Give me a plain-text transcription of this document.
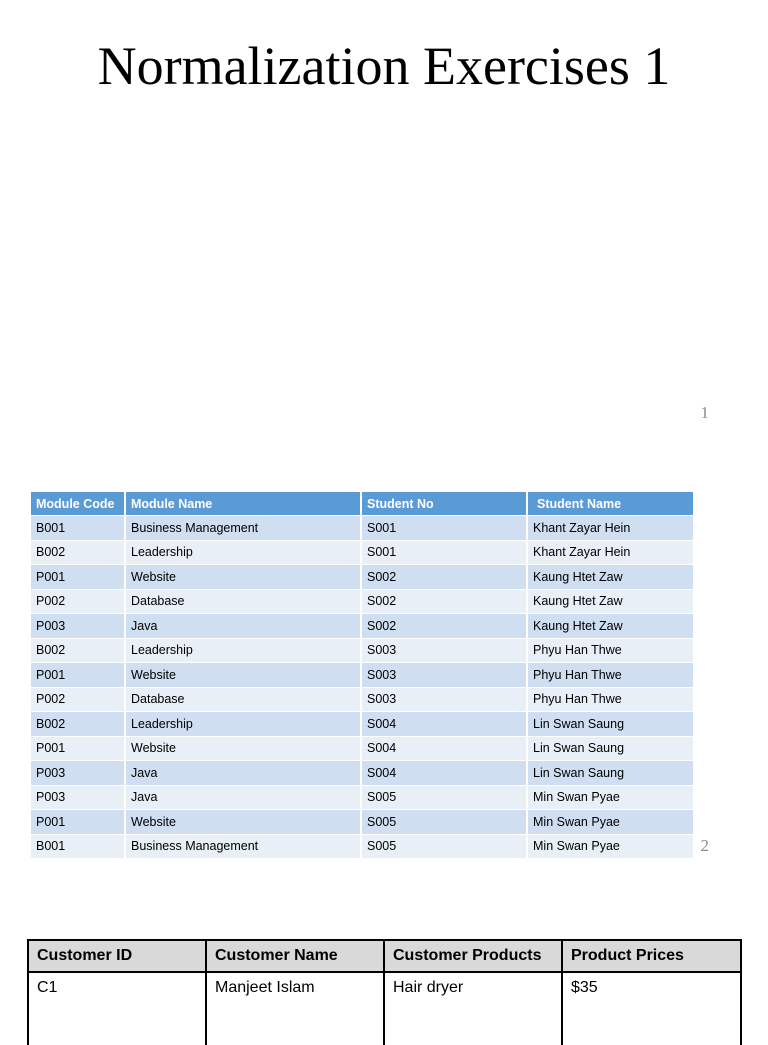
Normalization Exercises 1
1
Module Code	Module Name	Student No	Student Name
B001	Business Management	S001	Khant Zayar Hein
B002	Leadership	S001	Khant Zayar Hein
P001	Website	S002	Kaung Htet Zaw
P002	Database	S002	Kaung Htet Zaw
P003	Java	S002	Kaung Htet Zaw
B002	Leadership	S003	Phyu Han Thwe
P001	Website	S003	Phyu Han Thwe
P002	Database	S003	Phyu Han Thwe
B002	Leadership	S004	Lin Swan Saung
P001	Website	S004	Lin Swan Saung
P003	Java	S004	Lin Swan Saung
P003	Java	S005	Min Swan Pyae
P001	Website	S005	Min Swan Pyae
B001	Business Management	S005	Min Swan Pyae	2
Customer ID	Customer Name	Customer Products	Product Prices
C1	Manjeet Islam	Hair dryer	$35
